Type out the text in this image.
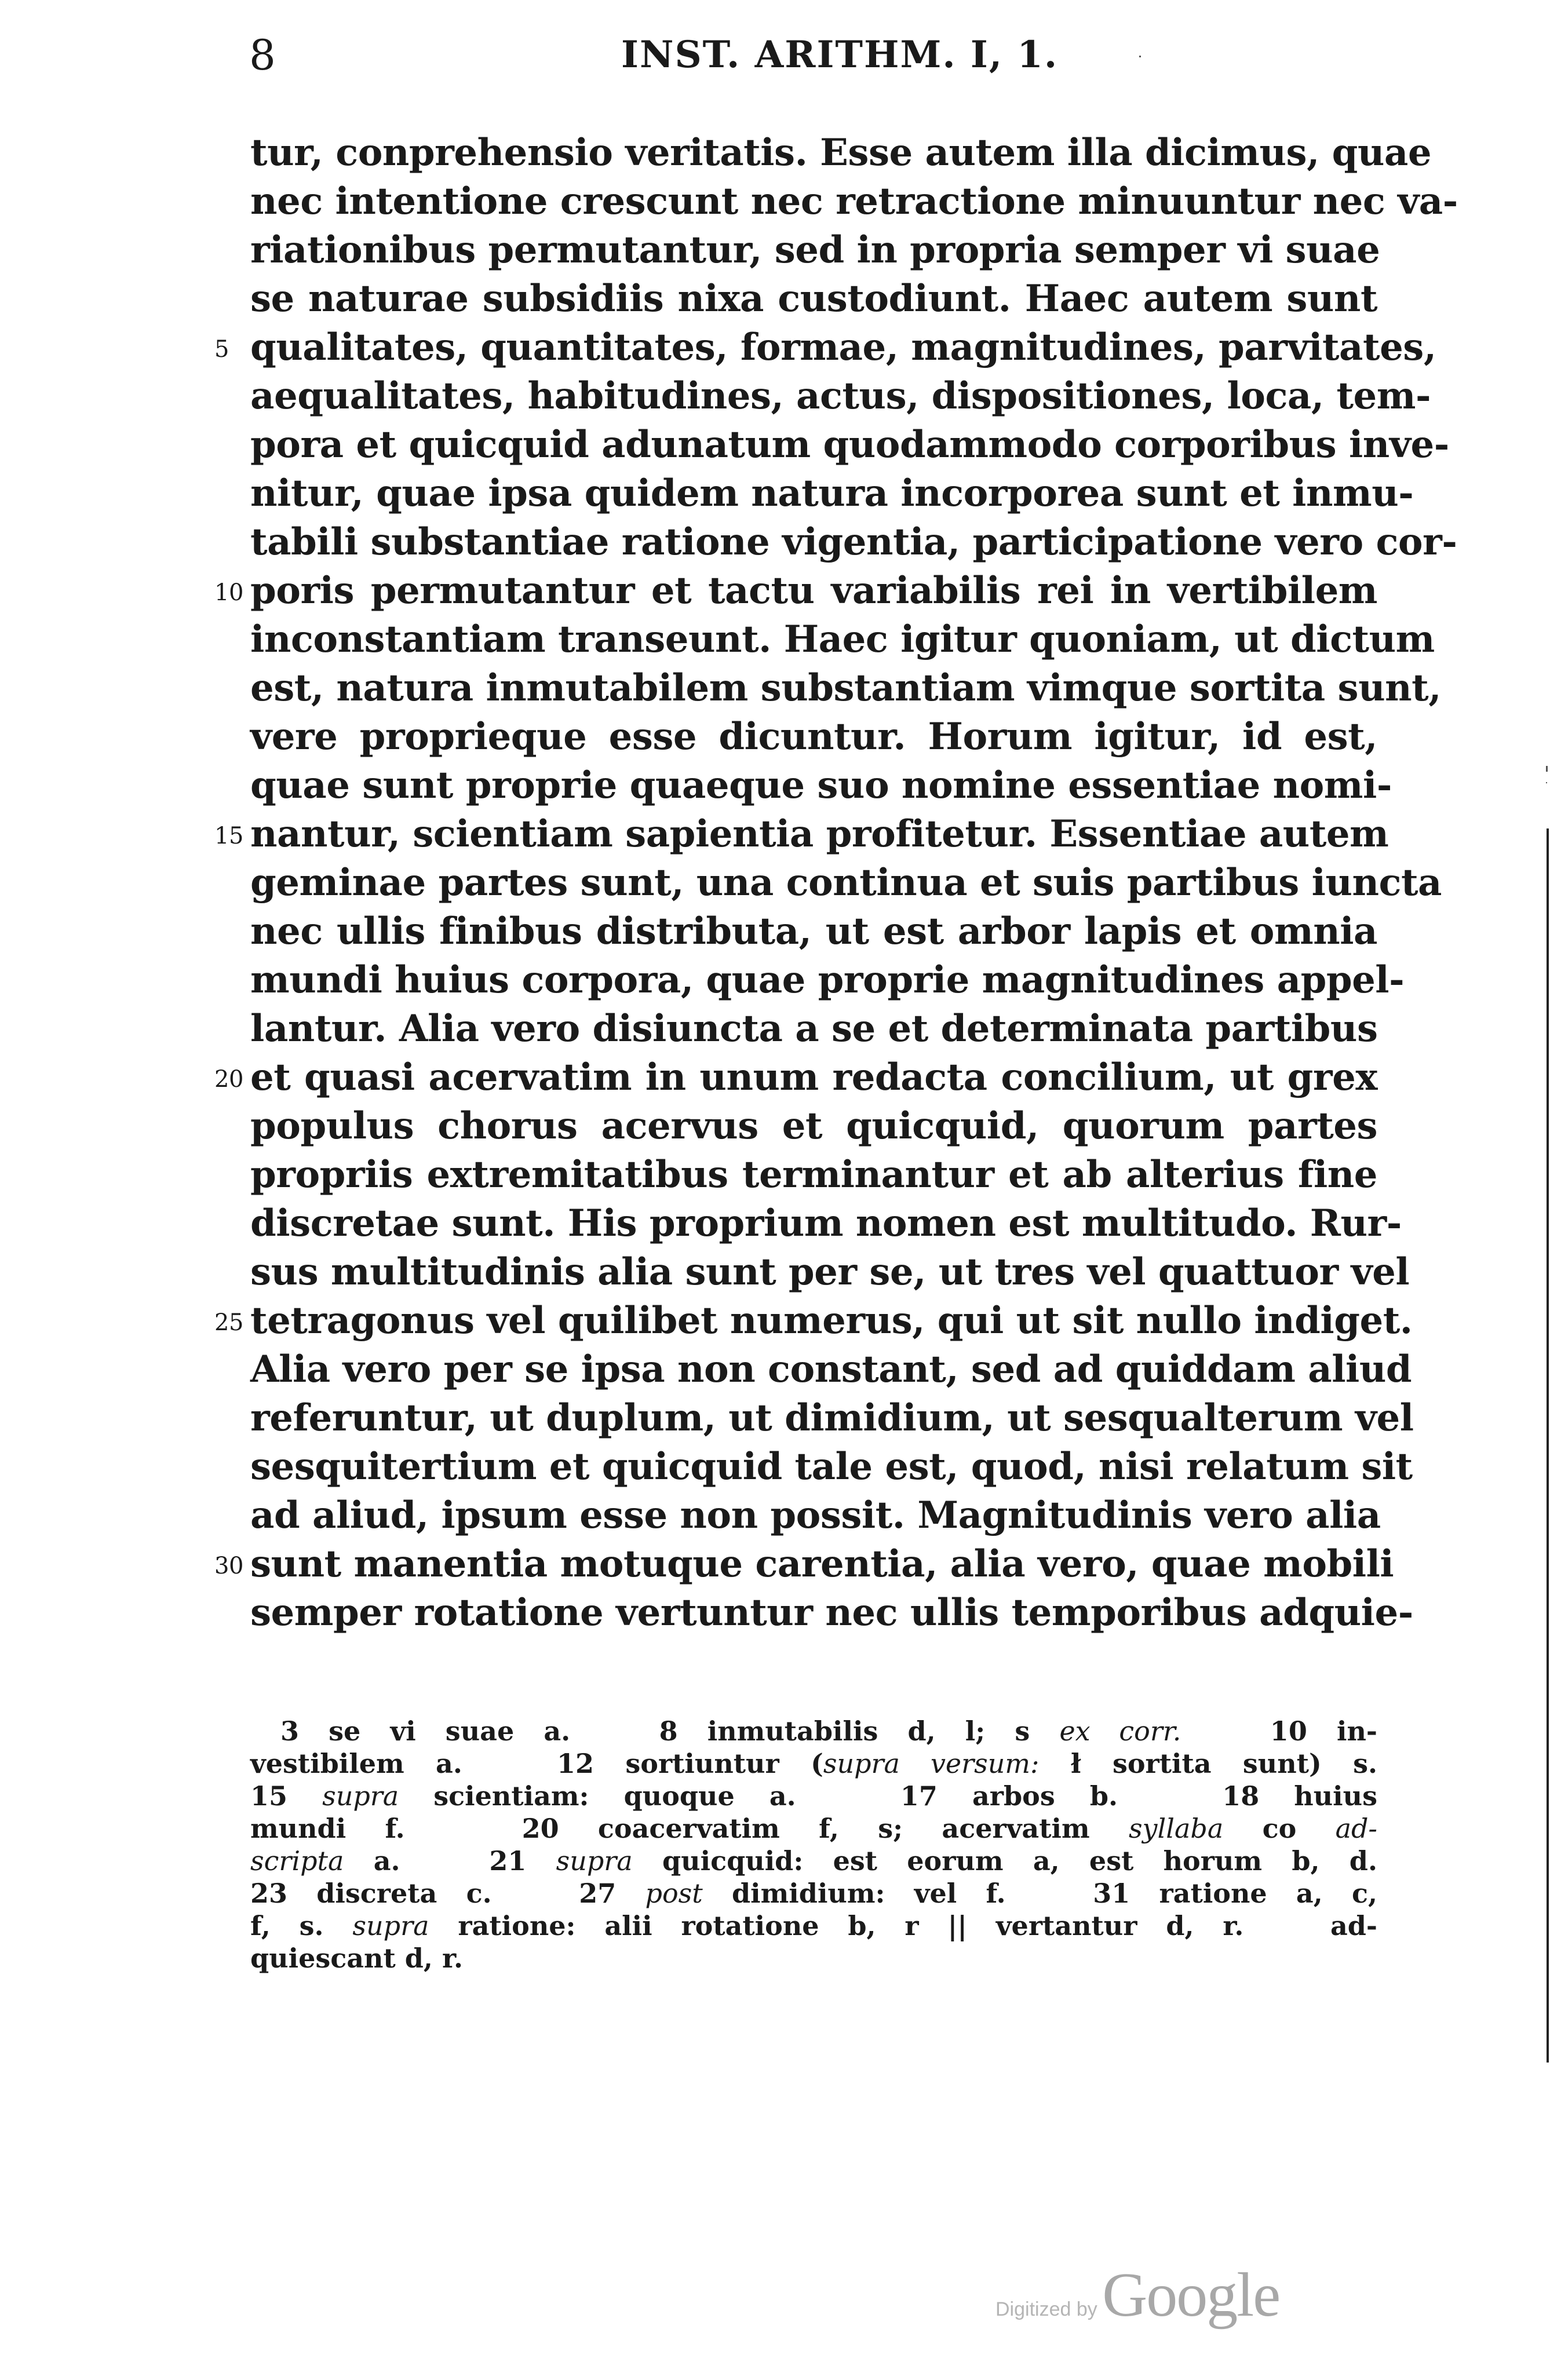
8	INST. ARITHM. I, 1.
tur, conprehensio veritatis. Esse autem illa dicimus, quae
nec intentione crescunt nec retractione minuuntur nec va-
riationibus permutantur, sed in propria semper vi suae
se naturae subsidiis nixa custodiunt. Haec autem sunt
qualitates, quantitates, formae, magnitudines, parvitates,
5
aequalitates, habitudines, actus, dispositiones, loca, tem-
pora et quicquid adunatum quodammodo corporibus inve-
nitur, quae ipsa quidem natura incorporea sunt et inmu-
tabili substantiae ratione vigentia, participatione vero cor-
poris permutantur et tactu variabilis rei in vertibilem
10
inconstantiam transeunt. Haec igitur quoniam, ut dictum
est, natura inmutabilem substantiam vimque sortita sunt,
vere proprieque esse dicuntur. Horum igitur, id est,
quae sunt proprie quaeque suo nomine essentiae nomi-
nantur, scientiam sapientia profitetur. Essentiae autem
15
geminae partes sunt, una continua et suis partibus iuncta
nec ullis finibus distributa, ut est arbor lapis et omnia
mundi huius corpora, quae proprie magnitudines appel-
lantur. Alia vero disiuncta a se et determinata partibus
et quasi acervatim in unum redacta concilium, ut grex
20
populus chorus acervus et quicquid, quorum partes
propriis extremitatibus terminantur et ab alterius fine
discretae sunt. His proprium nomen est multitudo. Rur-
sus multitudinis alia sunt per se, ut tres vel quattuor vel
tetragonus vel quilibet numerus, qui ut sit nullo indiget.
25
Alia vero per se ipsa non constant, sed ad quiddam aliud
referuntur, ut duplum, ut dimidium, ut sesqualterum vel
sesquitertium et quicquid tale est, quod, nisi relatum sit
ad aliud, ipsum esse non possit. Magnitudinis vero alia
sunt manentia motuque carentia, alia vero, quae mobili
30
semper rotatione vertuntur nec ullis temporibus adquie-
3 se vi suae a.   8 inmutabilis d, l; s ex corr.   10 in-
vestibilem a.   12 sortiuntur (supra versum: ł sortita sunt) s.
15 supra scientiam: quoque a.   17 arbos b.   18 huius
mundi f.   20 coacervatim f, s; acervatim syllaba co ad-
scripta a.   21 supra quicquid: est eorum a, est horum b, d.
23 discreta c.   27 post dimidium: vel f.   31 ratione a, c,
f, s. supra ratione: alii rotatione b, r || vertantur d, r.   ad-
quiescant d, r.
Digitized by Google
